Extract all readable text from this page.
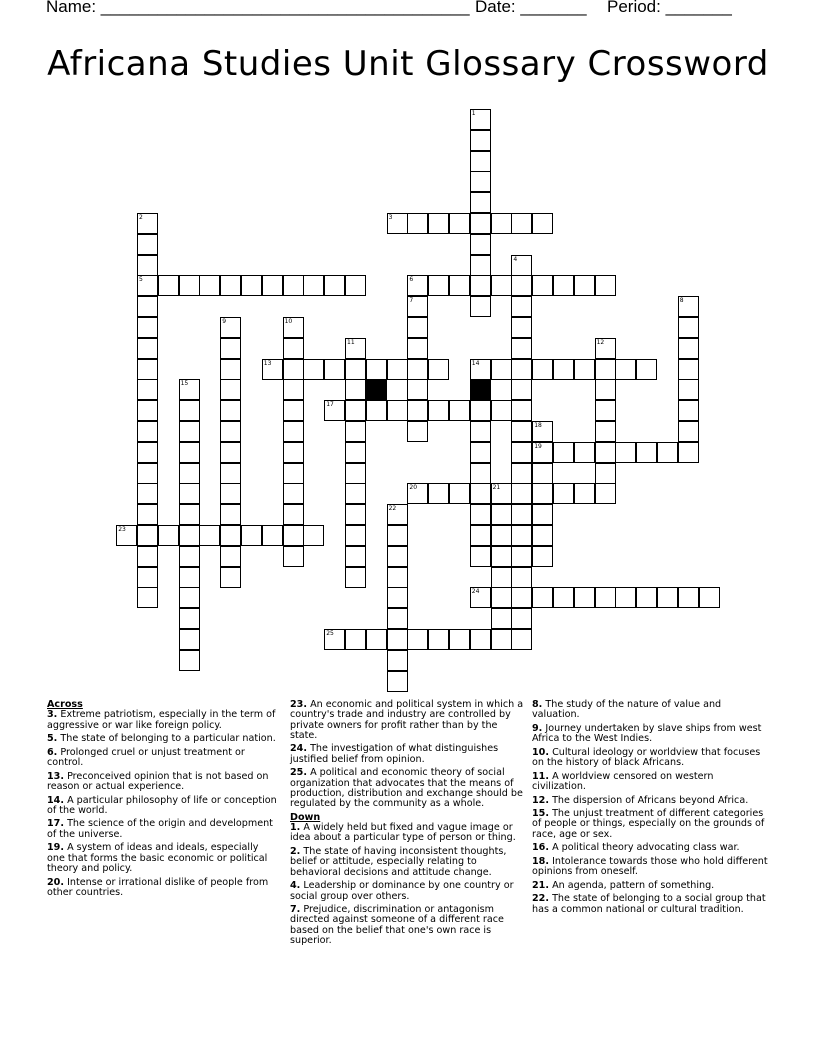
Name: _______________________________________ Date: _______ Period: _______
Africana Studies Unit Glossary Crossword
1
2	3
4
5	6
7	8
9	10
11	12
13	14
15	16
17
18
19
20	21
22
23
24
25
Across
3. Extreme patriotism, especially in the term of aggressive or war like foreign policy.
5. The state of belonging to a particular nation.
6. Prolonged cruel or unjust treatment or control.
13. Preconceived opinion that is not based on reason or actual experience.
14. A particular philosophy of life or conception of the world.
17. The science of the origin and development of the universe.
19. A system of ideas and ideals, especially one that forms the basic economic or political theory and policy.
20. Intense or irrational dislike of people from other countries.
23. An economic and political system in which a country's trade and industry are controlled by private owners for profit rather than by the state.
24. The investigation of what distinguishes justified belief from opinion.
25. A political and economic theory of social organization that advocates that the means of production, distribution and exchange should be regulated by the community as a whole.
Down
1. A widely held but fixed and vague image or idea about a particular type of person or thing.
2. The state of having inconsistent thoughts, belief or attitude, especially relating to behavioral decisions and attitude change.
4. Leadership or dominance by one country or social group over others.
7. Prejudice, discrimination or antagonism directed against someone of a different race based on the belief that one's own race is superior.
8. The study of the nature of value and valuation.
9. Journey undertaken by slave ships from west Africa to the West Indies.
10. Cultural ideology or worldview that focuses on the history of black Africans.
11. A worldview censored on western civilization.
12. The dispersion of Africans beyond Africa.
15. The unjust treatment of different categories of people or things, especially on the grounds of race, age or sex.
16. A political theory advocating class war.
18. Intolerance towards those who hold different opinions from oneself.
21. An agenda, pattern of something.
22. The state of belonging to a social group that has a common national or cultural tradition.
